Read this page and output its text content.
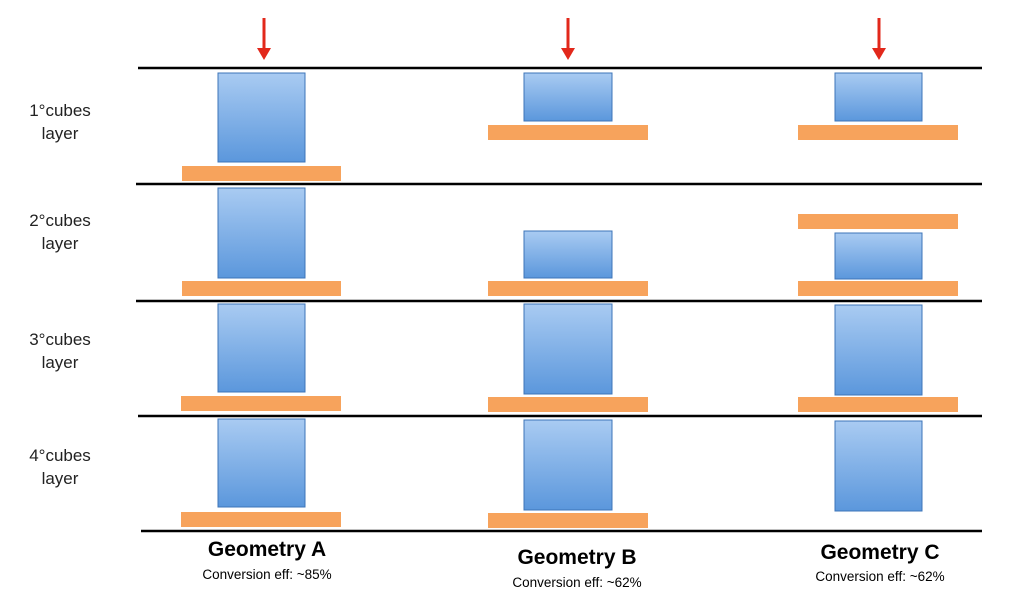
1°cubes
layer
2°cubes
layer
3°cubes
layer
4°cubes
layer
Geometry A
Conversion eff: ~85%
Geometry B
Conversion eff: ~62%
Geometry C
Conversion eff: ~62%
